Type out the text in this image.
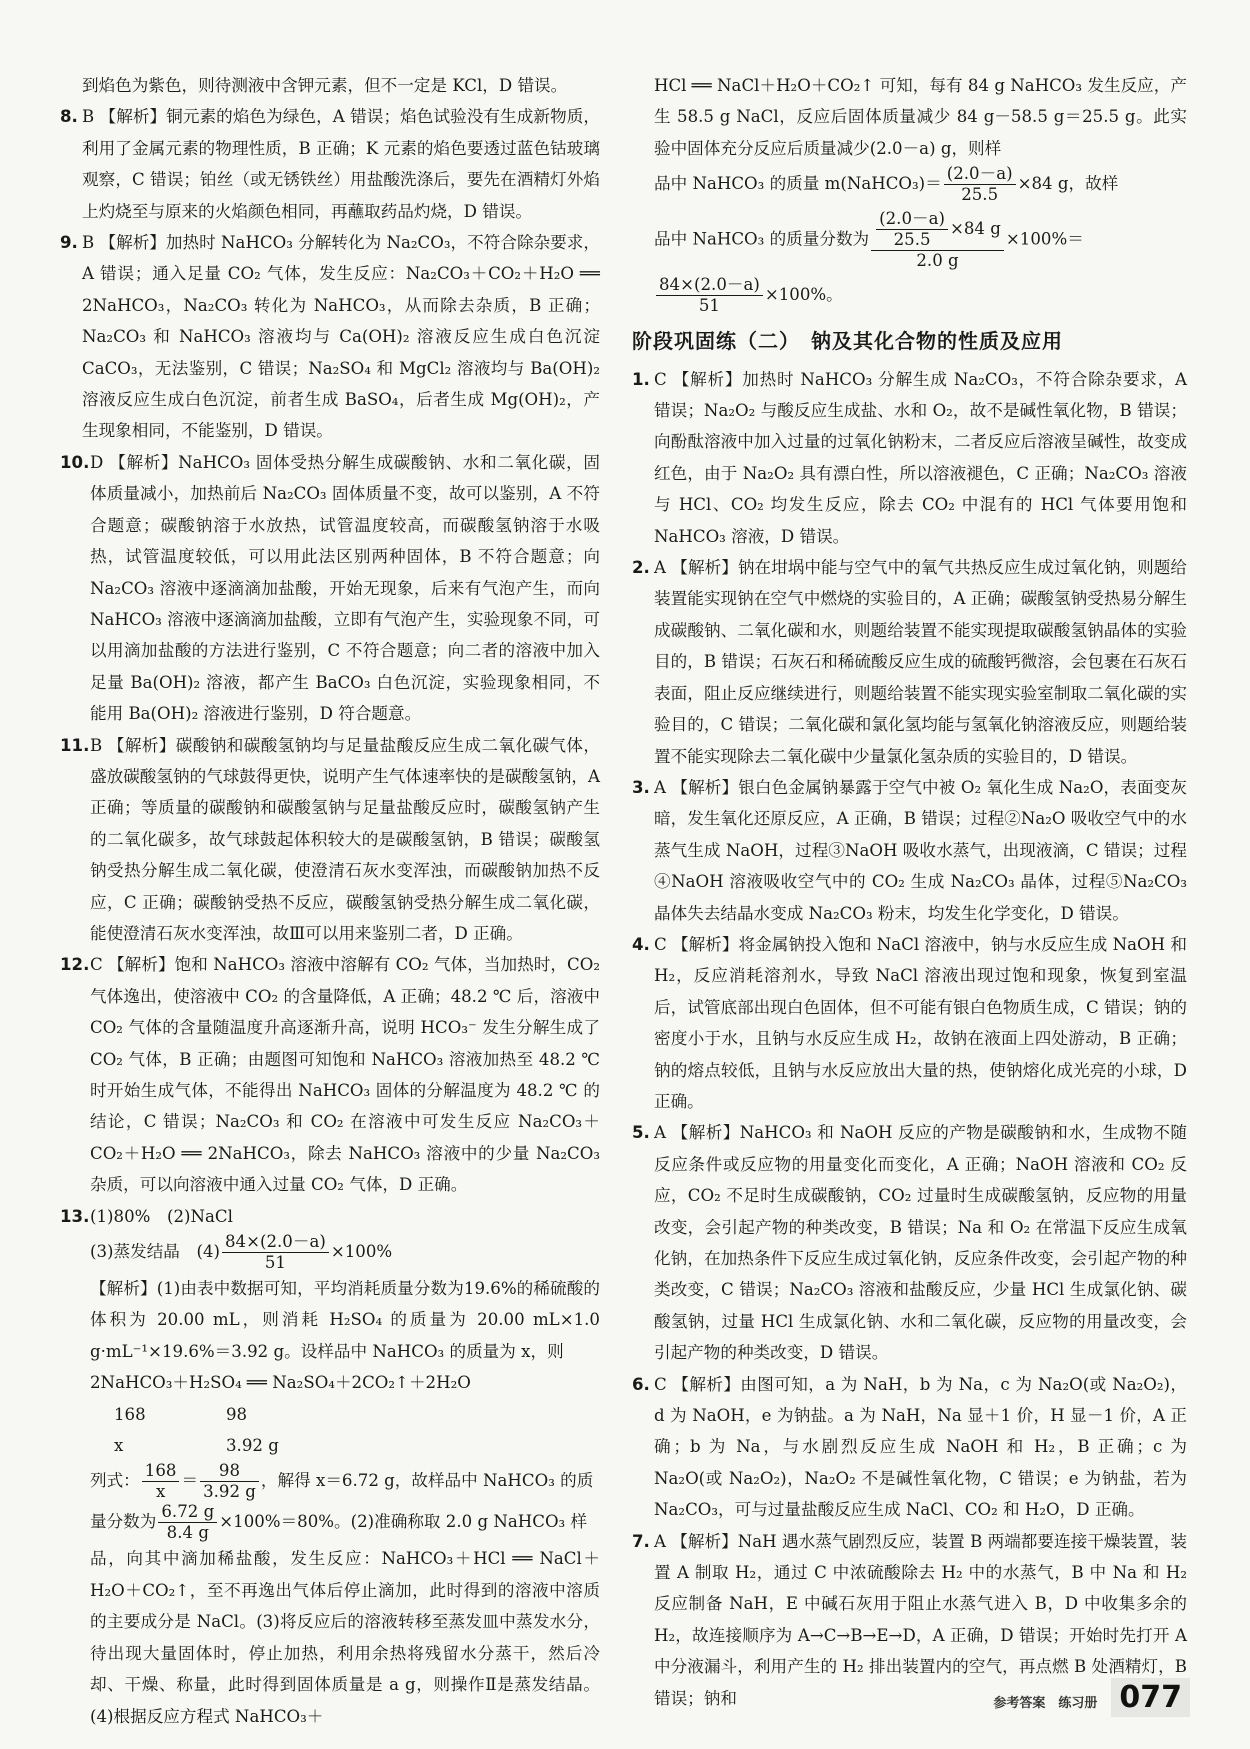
到焰色为紫色，则待测液中含钾元素，但不一定是 KCl，D 错误。
8. B 【解析】铜元素的焰色为绿色，A 错误；焰色试验没有生成新物质，利用了金属元素的物理性质，B 正确；K 元素的焰色要透过蓝色钴玻璃观察，C 错误；铂丝（或无锈铁丝）用盐酸洗涤后，要先在酒精灯外焰上灼烧至与原来的火焰颜色相同，再蘸取药品灼烧，D 错误。
9. B 【解析】加热时 NaHCO₃ 分解转化为 Na₂CO₃，不符合除杂要求，A 错误；通入足量 CO₂ 气体，发生反应：Na₂CO₃＋CO₂＋H₂O ══ 2NaHCO₃，Na₂CO₃ 转化为 NaHCO₃，从而除去杂质，B 正确；Na₂CO₃ 和 NaHCO₃ 溶液均与 Ca(OH)₂ 溶液反应生成白色沉淀 CaCO₃，无法鉴别，C 错误；Na₂SO₄ 和 MgCl₂ 溶液均与 Ba(OH)₂ 溶液反应生成白色沉淀，前者生成 BaSO₄，后者生成 Mg(OH)₂，产生现象相同，不能鉴别，D 错误。
10. D 【解析】NaHCO₃ 固体受热分解生成碳酸钠、水和二氧化碳，固体质量减小，加热前后 Na₂CO₃ 固体质量不变，故可以鉴别，A 不符合题意；碳酸钠溶于水放热，试管温度较高，而碳酸氢钠溶于水吸热，试管温度较低，可以用此法区别两种固体，B 不符合题意；向 Na₂CO₃ 溶液中逐滴滴加盐酸，开始无现象，后来有气泡产生，而向 NaHCO₃ 溶液中逐滴滴加盐酸，立即有气泡产生，实验现象不同，可以用滴加盐酸的方法进行鉴别，C 不符合题意；向二者的溶液中加入足量 Ba(OH)₂ 溶液，都产生 BaCO₃ 白色沉淀，实验现象相同，不能用 Ba(OH)₂ 溶液进行鉴别，D 符合题意。
11. B 【解析】碳酸钠和碳酸氢钠均与足量盐酸反应生成二氧化碳气体，盛放碳酸氢钠的气球鼓得更快，说明产生气体速率快的是碳酸氢钠，A 正确；等质量的碳酸钠和碳酸氢钠与足量盐酸反应时，碳酸氢钠产生的二氧化碳多，故气球鼓起体积较大的是碳酸氢钠，B 错误；碳酸氢钠受热分解生成二氧化碳，使澄清石灰水变浑浊，而碳酸钠加热不反应，C 正确；碳酸钠受热不反应，碳酸氢钠受热分解生成二氧化碳，能使澄清石灰水变浑浊，故Ⅲ可以用来鉴别二者，D 正确。
12. C 【解析】饱和 NaHCO₃ 溶液中溶解有 CO₂ 气体，当加热时，CO₂ 气体逸出，使溶液中 CO₂ 的含量降低，A 正确；48.2 ℃ 后，溶液中 CO₂ 气体的含量随温度升高逐渐升高，说明 HCO₃⁻ 发生分解生成了 CO₂ 气体，B 正确；由题图可知饱和 NaHCO₃ 溶液加热至 48.2 ℃ 时开始生成气体，不能得出 NaHCO₃ 固体的分解温度为 48.2 ℃ 的结论，C 错误；Na₂CO₃ 和 CO₂ 在溶液中可发生反应 Na₂CO₃＋CO₂＋H₂O ══ 2NaHCO₃，除去 NaHCO₃ 溶液中的少量 Na₂CO₃ 杂质，可以向溶液中通入过量 CO₂ 气体，D 正确。
13. (1)80%　(2)NaCl
(3)蒸发结晶　$(4) \frac{84\times(2.0-a)}{51} \times 100\%$
【解析】(1)由表中数据可知，平均消耗质量分数为19.6%的稀硫酸的体积为 20.00 mL，则消耗 H₂SO₄ 的质量为 20.00 mL×1.0 g·mL⁻¹×19.6%＝3.92 g。设样品中 NaHCO₃ 的质量为 x，则
2NaHCO₃＋H₂SO₄ ══ Na₂SO₄＋2CO₂↑＋2H₂O
168	98
x	3.92 g
列式： $\frac{168}{x} = \frac{98}{3.92 g}$ ，解得 x＝6.72 g，故样品中 NaHCO₃ 的质
量分数为 $\frac{6.72 g}{8.4 g} \times 100\%=80\%$。(2)准确称取 2.0 g NaHCO₃ 样
品，向其中滴加稀盐酸，发生反应：NaHCO₃＋HCl ══ NaCl＋H₂O＋CO₂↑，至不再逸出气体后停止滴加，此时得到的溶液中溶质的主要成分是 NaCl。(3)将反应后的溶液转移至蒸发皿中蒸发水分，待出现大量固体时，停止加热，利用余热将残留水分蒸干，然后冷却、干燥、称量，此时得到固体质量是 a g，则操作Ⅱ是蒸发结晶。(4)根据反应方程式 NaHCO₃＋
HCl ══ NaCl＋H₂O＋CO₂↑ 可知，每有 84 g NaHCO₃ 发生反应，产生 58.5 g NaCl，反应后固体质量减少 84 g－58.5 g＝25.5 g。此实验中固体充分反应后质量减少(2.0－a) g，则样
品中 NaHCO₃ 的质量 m(NaHCO₃)＝ $\frac{(2.0-a)}{25.5} \times 84$ g，故样
品中 NaHCO₃ 的质量分数为 $\frac{\frac{(2.0-a)}{25.5} \times 84 g}{2.0 g} \times 100\%=$
$\frac{84\times(2.0-a)}{51} \times 100\%$。
阶段巩固练（二）　钠及其化合物的性质及应用
1. C 【解析】加热时 NaHCO₃ 分解生成 Na₂CO₃，不符合除杂要求，A 错误；Na₂O₂ 与酸反应生成盐、水和 O₂，故不是碱性氧化物，B 错误；向酚酞溶液中加入过量的过氧化钠粉末，二者反应后溶液呈碱性，故变成红色，由于 Na₂O₂ 具有漂白性，所以溶液褪色，C 正确；Na₂CO₃ 溶液与 HCl、CO₂ 均发生反应，除去 CO₂ 中混有的 HCl 气体要用饱和 NaHCO₃ 溶液，D 错误。
2. A 【解析】钠在坩埚中能与空气中的氧气共热反应生成过氧化钠，则题给装置能实现钠在空气中燃烧的实验目的，A 正确；碳酸氢钠受热易分解生成碳酸钠、二氧化碳和水，则题给装置不能实现提取碳酸氢钠晶体的实验目的，B 错误；石灰石和稀硫酸反应生成的硫酸钙微溶，会包裹在石灰石表面，阻止反应继续进行，则题给装置不能实现实验室制取二氧化碳的实验目的，C 错误；二氧化碳和氯化氢均能与氢氧化钠溶液反应，则题给装置不能实现除去二氧化碳中少量氯化氢杂质的实验目的，D 错误。
3. A 【解析】银白色金属钠暴露于空气中被 O₂ 氧化生成 Na₂O，表面变灰暗，发生氧化还原反应，A 正确，B 错误；过程②Na₂O 吸收空气中的水蒸气生成 NaOH，过程③NaOH 吸收水蒸气，出现液滴，C 错误；过程④NaOH 溶液吸收空气中的 CO₂ 生成 Na₂CO₃ 晶体，过程⑤Na₂CO₃ 晶体失去结晶水变成 Na₂CO₃ 粉末，均发生化学变化，D 错误。
4. C 【解析】将金属钠投入饱和 NaCl 溶液中，钠与水反应生成 NaOH 和 H₂，反应消耗溶剂水，导致 NaCl 溶液出现过饱和现象，恢复到室温后，试管底部出现白色固体，但不可能有银白色物质生成，C 错误；钠的密度小于水，且钠与水反应生成 H₂，故钠在液面上四处游动，B 正确；钠的熔点较低，且钠与水反应放出大量的热，使钠熔化成光亮的小球，D 正确。
5. A 【解析】NaHCO₃ 和 NaOH 反应的产物是碳酸钠和水，生成物不随反应条件或反应物的用量变化而变化，A 正确；NaOH 溶液和 CO₂ 反应，CO₂ 不足时生成碳酸钠，CO₂ 过量时生成碳酸氢钠，反应物的用量改变，会引起产物的种类改变，B 错误；Na 和 O₂ 在常温下反应生成氧化钠，在加热条件下反应生成过氧化钠，反应条件改变，会引起产物的种类改变，C 错误；Na₂CO₃ 溶液和盐酸反应，少量 HCl 生成氯化钠、碳酸氢钠，过量 HCl 生成氯化钠、水和二氧化碳，反应物的用量改变，会引起产物的种类改变，D 错误。
6. C 【解析】由图可知，a 为 NaH，b 为 Na，c 为 Na₂O(或 Na₂O₂)，d 为 NaOH，e 为钠盐。a 为 NaH，Na 显＋1 价，H 显－1 价，A 正确；b 为 Na，与水剧烈反应生成 NaOH 和 H₂，B 正确；c 为 Na₂O(或 Na₂O₂)，Na₂O₂ 不是碱性氧化物，C 错误；e 为钠盐，若为 Na₂CO₃，可与过量盐酸反应生成 NaCl、CO₂ 和 H₂O，D 正确。
7. A 【解析】NaH 遇水蒸气剧烈反应，装置 B 两端都要连接干燥装置，装置 A 制取 H₂，通过 C 中浓硫酸除去 H₂ 中的水蒸气，B 中 Na 和 H₂ 反应制备 NaH，E 中碱石灰用于阻止水蒸气进入 B，D 中收集多余的 H₂，故连接顺序为 A→C→B→E→D，A 正确，D 错误；开始时先打开 A 中分液漏斗，利用产生的 H₂ 排出装置内的空气，再点燃 B 处酒精灯，B 错误；钠和	参考答案　练习册 077
